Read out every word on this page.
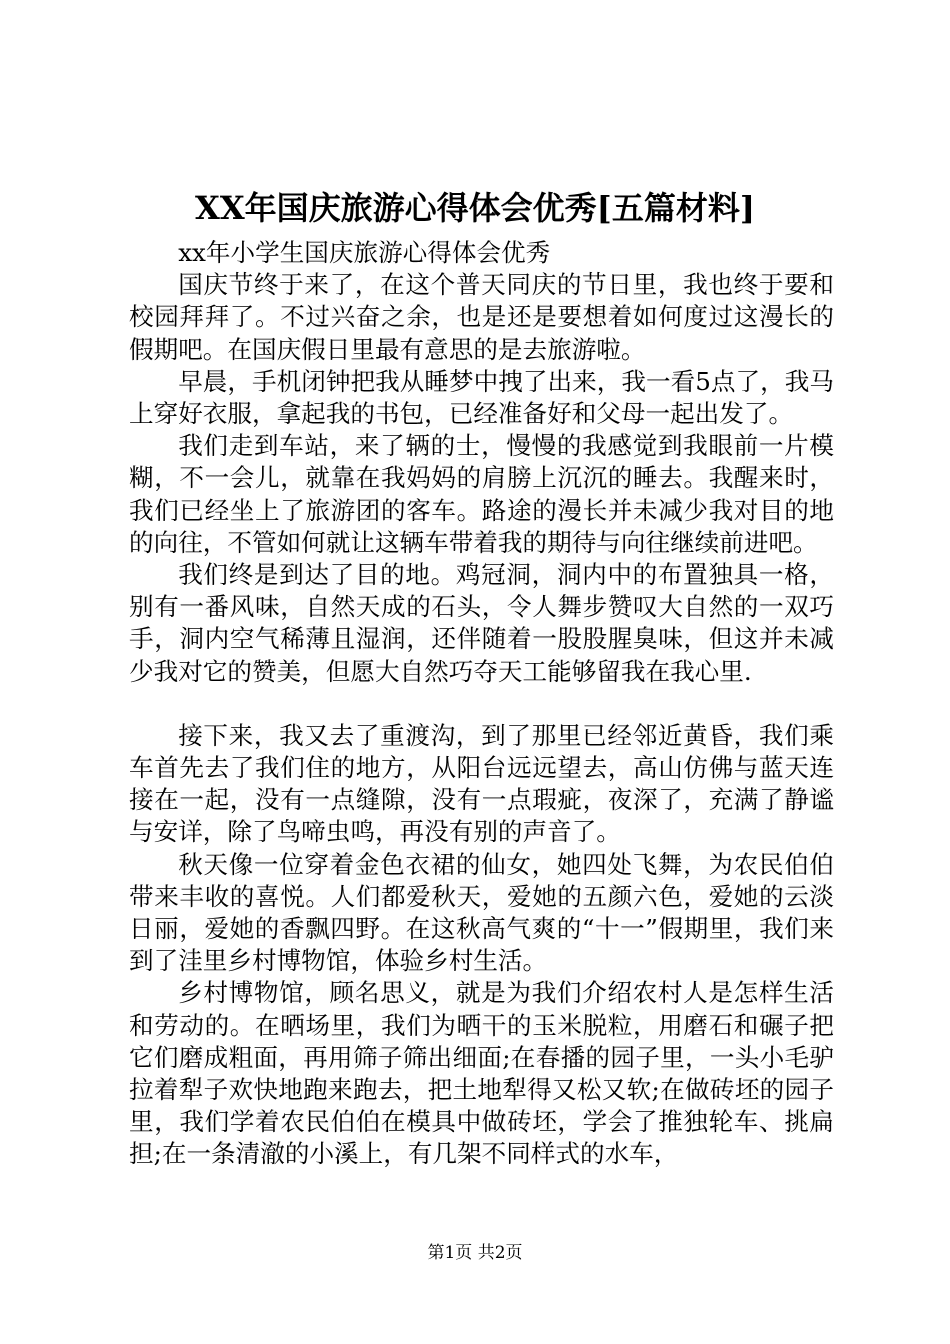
XX年国庆旅游心得体会优秀[五篇材料]

xx年小学生国庆旅游心得体会优秀

国庆节终于来了，在这个普天同庆的节日里，我也终于要和校园拜拜了。不过兴奋之余，也是还是要想着如何度过这漫长的假期吧。在国庆假日里最有意思的是去旅游啦。

早晨，手机闭钟把我从睡梦中拽了出来，我一看5点了，我马上穿好衣服，拿起我的书包，已经准备好和父母一起出发了。

我们走到车站，来了辆的士，慢慢的我感觉到我眼前一片模糊，不一会儿，就靠在我妈妈的肩膀上沉沉的睡去。我醒来时，我们已经坐上了旅游团的客车。路途的漫长并未减少我对目的地的向往，不管如何就让这辆车带着我的期待与向往继续前进吧。

我们终是到达了目的地。鸡冠洞，洞内中的布置独具一格，别有一番风味，自然天成的石头，令人舞步赞叹大自然的一双巧手，洞内空气稀薄且湿润，还伴随着一股股腥臭味，但这并未减少我对它的赞美，但愿大自然巧夺天工能够留我在我心里.

接下来，我又去了重渡沟，到了那里已经邻近黄昏，我们乘车首先去了我们住的地方，从阳台远远望去，高山仿佛与蓝天连接在一起，没有一点缝隙，没有一点瑕疵，夜深了，充满了静谧与安详，除了鸟啼虫鸣，再没有别的声音了。

秋天像一位穿着金色衣裙的仙女，她四处飞舞，为农民伯伯带来丰收的喜悦。人们都爱秋天，爱她的五颜六色，爱她的云淡日丽，爱她的香飘四野。在这秋高气爽的“十一”假期里，我们来到了洼里乡村博物馆，体验乡村生活。

乡村博物馆，顾名思义，就是为我们介绍农村人是怎样生活和劳动的。在晒场里，我们为晒干的玉米脱粒，用磨石和碾子把它们磨成粗面，再用筛子筛出细面;在春播的园子里，一头小毛驴拉着犁子欢快地跑来跑去，把土地犁得又松又软;在做砖坯的园子里，我们学着农民伯伯在模具中做砖坯，学会了推独轮车、挑扁担;在一条清澈的小溪上，有几架不同样式的水车，

第1页 共2页
